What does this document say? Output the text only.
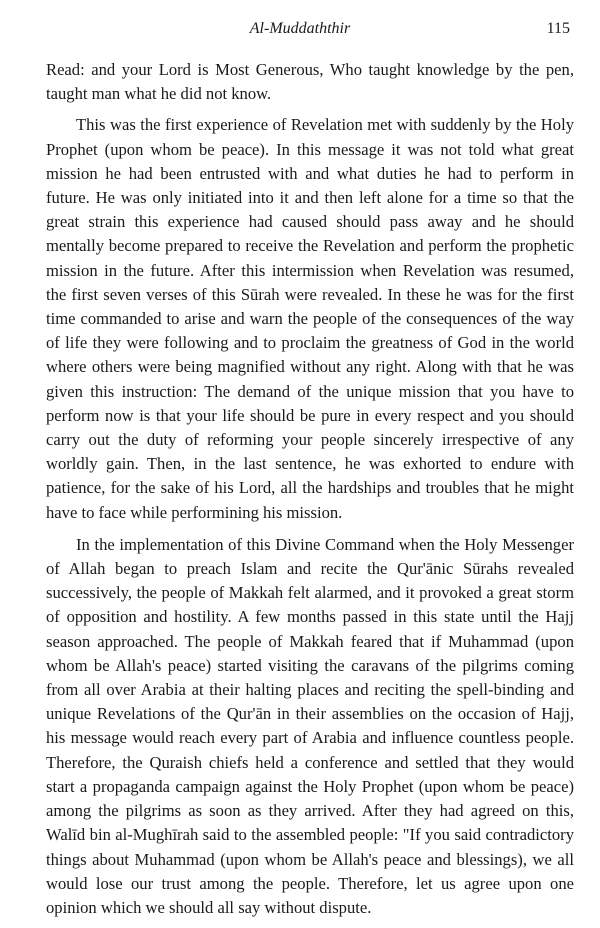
Al-Muddaththir	115

Read: and your Lord is Most Generous, Who taught knowledge by the pen, taught man what he did not know.

This was the first experience of Revelation met with suddenly by the Holy Prophet (upon whom be peace). In this message it was not told what great mission he had been entrusted with and what duties he had to perform in future. He was only initiated into it and then left alone for a time so that the great strain this experience had caused should pass away and he should mentally become prepared to receive the Revelation and perform the prophetic mission in the future. After this intermission when Revelation was resumed, the first seven verses of this Sūrah were revealed. In these he was for the first time commanded to arise and warn the people of the consequences of the way of life they were following and to proclaim the greatness of God in the world where others were being magnified without any right. Along with that he was given this instruction: The demand of the unique mission that you have to perform now is that your life should be pure in every respect and you should carry out the duty of reforming your people sincerely irrespective of any worldly gain. Then, in the last sentence, he was exhorted to endure with patience, for the sake of his Lord, all the hardships and troubles that he might have to face while performining his mission.

In the implementation of this Divine Command when the Holy Messenger of Allah began to preach Islam and recite the Qur'ānic Sūrahs revealed successively, the people of Makkah felt alarmed, and it provoked a great storm of opposition and hostility. A few months passed in this state until the Hajj season approached. The people of Makkah feared that if Muhammad (upon whom be Allah's peace) started visiting the caravans of the pilgrims coming from all over Arabia at their halting places and reciting the spell-binding and unique Revelations of the Qur'ān in their assemblies on the occasion of Hajj, his message would reach every part of Arabia and influence countless people. Therefore, the Quraish chiefs held a conference and settled that they would start a propaganda campaign against the Holy Prophet (upon whom be peace) among the pilgrims as soon as they arrived. After they had agreed on this, Walīd bin al-Mughīrah said to the assembled people: "If you said contradictory things about Muhammad (upon whom be Allah's peace and blessings), we all would lose our trust among the people. Therefore, let us agree upon one opinion which we should all say without dispute.
